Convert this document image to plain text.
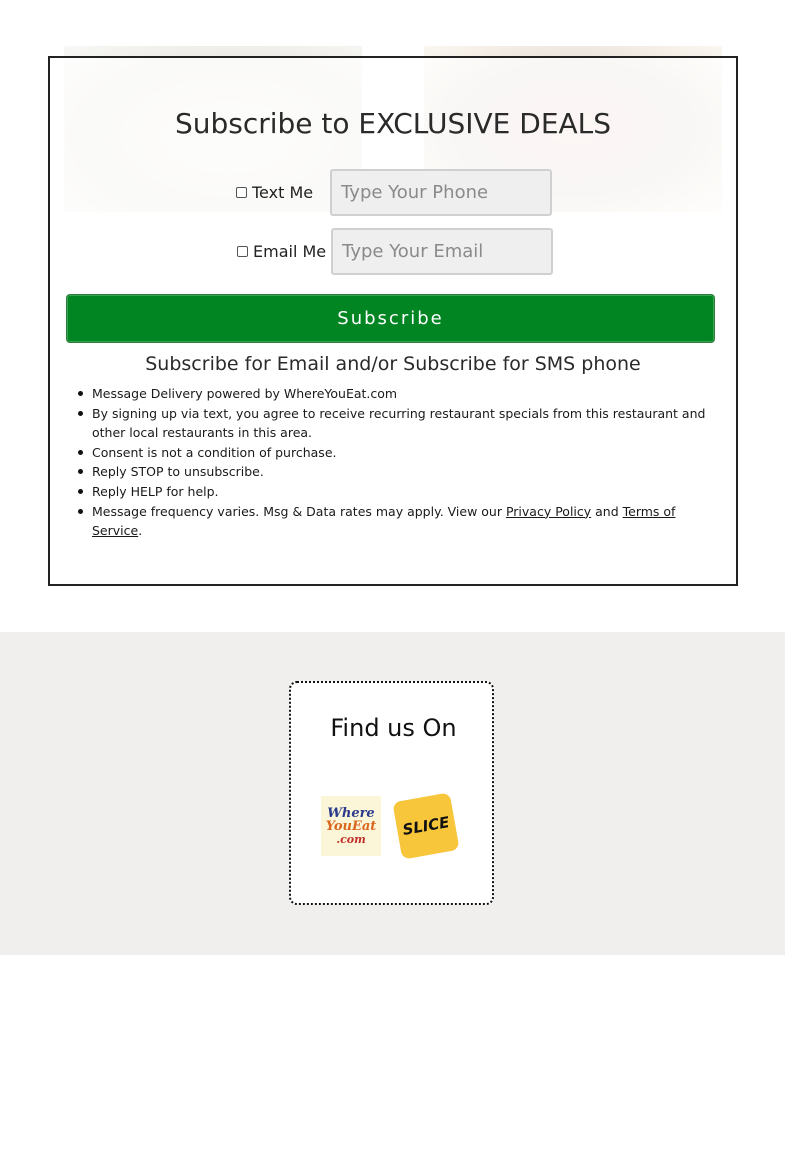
Subscribe to EXCLUSIVE DEALS
Text Me Type Your Phone
Email Me Type Your Email
Subscribe
Subscribe for Email and/or Subscribe for SMS phone
Message Delivery powered by WhereYouEat.com
By signing up via text, you agree to receive recurring restaurant specials from this restaurant and other local restaurants in this area.
Consent is not a condition of purchase.
Reply STOP to unsubscribe.
Reply HELP for help.
Message frequency varies. Msg & Data rates may apply. View our Privacy Policy and Terms of Service.
Find us On
Where
YouEat
.com
SLICE
